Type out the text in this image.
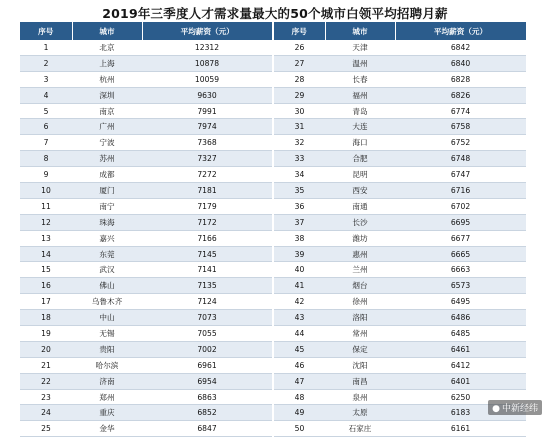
2019年三季度人才需求量最大的50个城市白领平均招聘月薪
序号	城市	平均薪资（元）	序号	城市	平均薪资（元）
1	北京	12312	26	天津	6842
2	上海	10878	27	温州	6840
3	杭州	10059	28	长春	6828
4	深圳	9630	29	福州	6826
5	南京	7991	30	青岛	6774
6	广州	7974	31	大连	6758
7	宁波	7368	32	海口	6752
8	苏州	7327	33	合肥	6748
9	成都	7272	34	昆明	6747
10	厦门	7181	35	西安	6716
11	南宁	7179	36	南通	6702
12	珠海	7172	37	长沙	6695
13	嘉兴	7166	38	潍坊	6677
14	东莞	7145	39	惠州	6665
15	武汉	7141	40	兰州	6663
16	佛山	7135	41	烟台	6573
17	乌鲁木齐	7124	42	徐州	6495
18	中山	7073	43	洛阳	6486
19	无锡	7055	44	常州	6485
20	贵阳	7002	45	保定	6461
21	哈尔滨	6961	46	沈阳	6412
22	济南	6954	47	南昌	6401
23	郑州	6863	48	泉州	6250
24	重庆	6852	49	太原	6183
25	金华	6847	50	石家庄	6161
● 中新经纬
